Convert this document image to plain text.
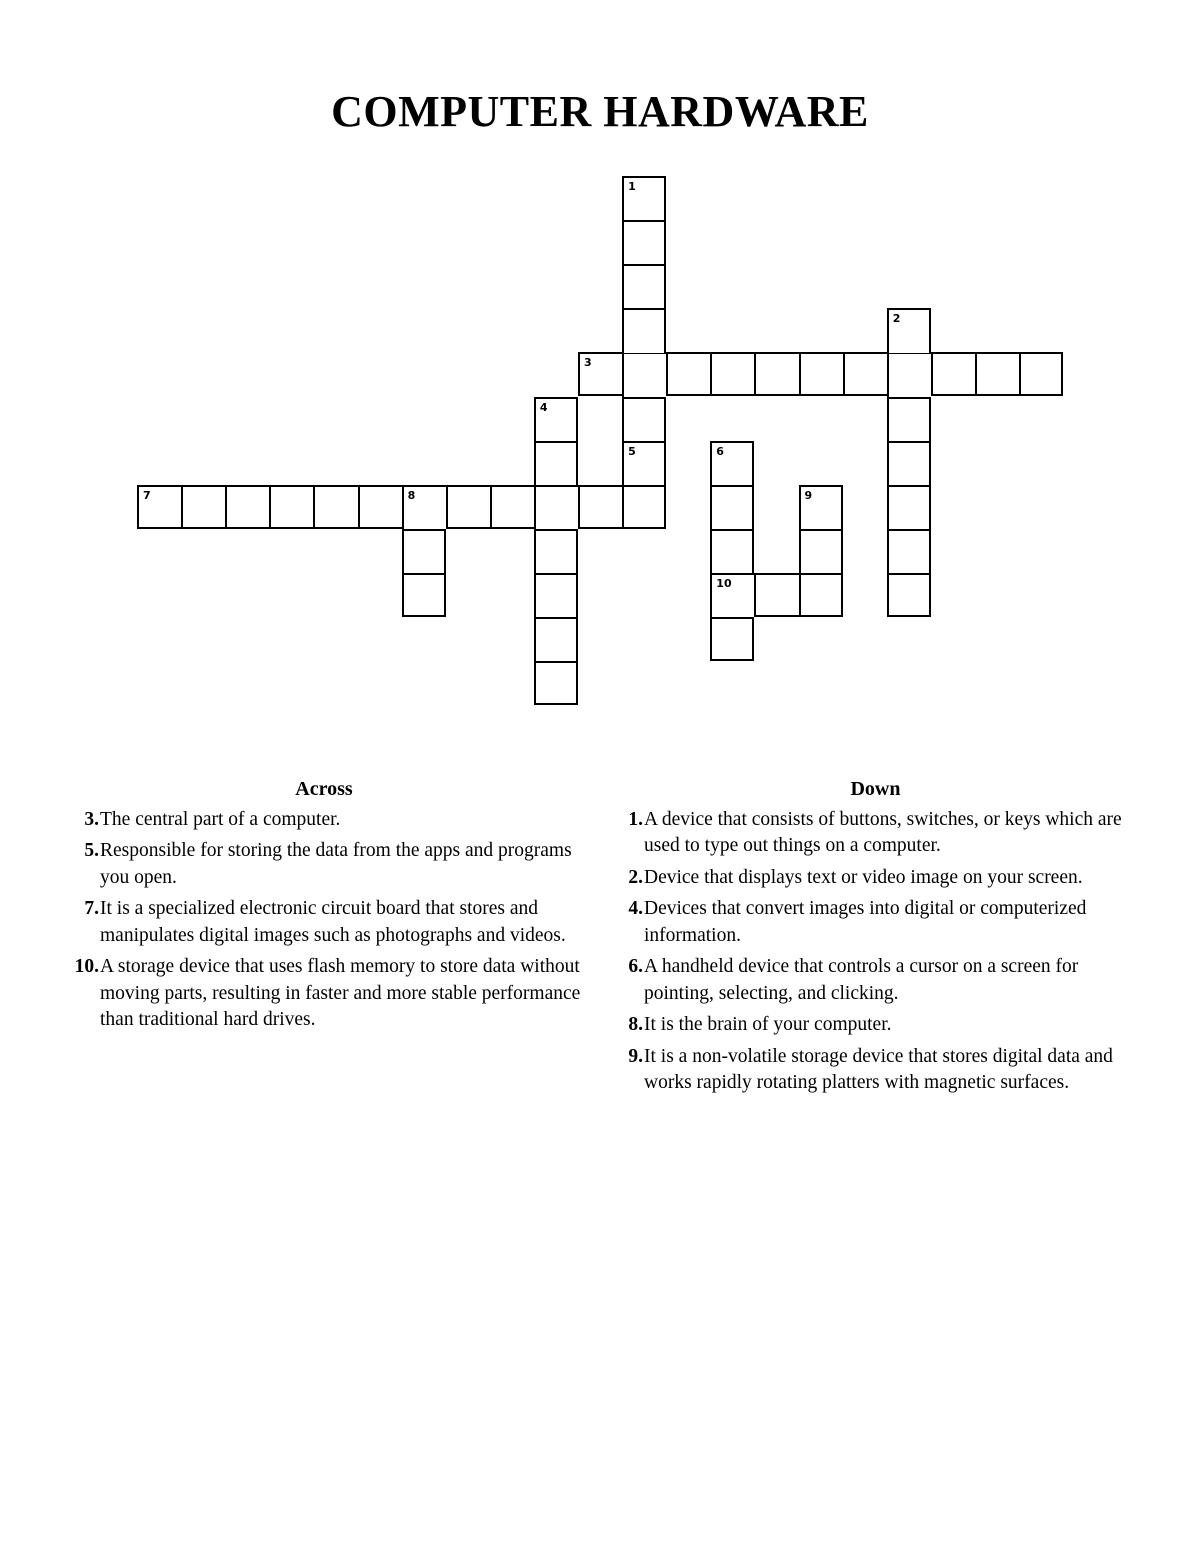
COMPUTER HARDWARE
3
7	8
10
1
5
2
4
6
9
Across
3. The central part of a computer.
5. Responsible for storing the data from the apps and programs you open.
7. It is a specialized electronic circuit board that stores and manipulates digital images such as photographs and videos.
10. A storage device that uses flash memory to store data without moving parts, resulting in faster and more stable performance than traditional hard drives.
Down
1. A device that consists of buttons, switches, or keys which are used to type out things on a computer.
2. Device that displays text or video image on your screen.
4. Devices that convert images into digital or computerized information.
6. A handheld device that controls a cursor on a screen for pointing, selecting, and clicking.
8. It is the brain of your computer.
9. It is a non-volatile storage device that stores digital data and works rapidly rotating platters with magnetic surfaces.
